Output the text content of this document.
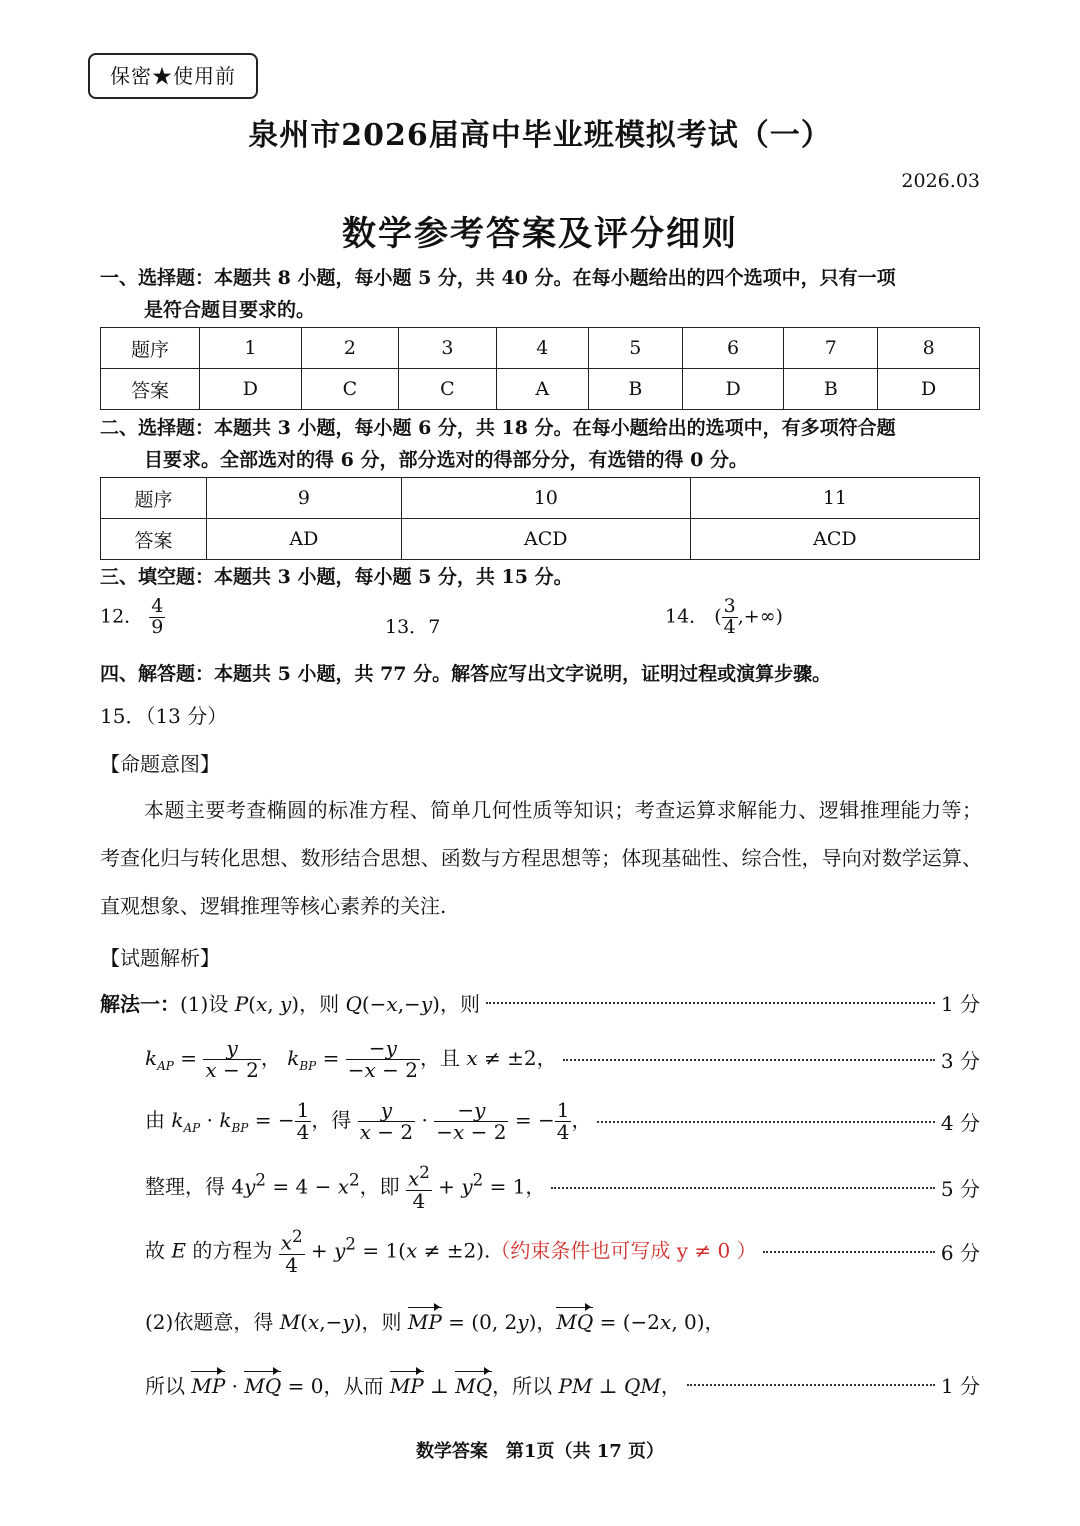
保密★使用前
泉州市2026届高中毕业班模拟考试（一）
2026.03
数学参考答案及评分细则
一、选择题：本题共 8 小题，每小题 5 分，共 40 分。在每小题给出的四个选项中，只有一项
是符合题目要求的。
题序	1	2	3	4	5	6	7	8
答案	D	C	C	A	B	D	B	D
二、选择题：本题共 3 小题，每小题 6 分，共 18 分。在每小题给出的选项中，有多项符合题
目要求。全部选对的得 6 分，部分选对的得部分分，有选错的得 0 分。
题序	9	10	11
答案	AD	ACD	ACD
三、填空题：本题共 3 小题，每小题 5 分，共 15 分。
12． $\frac{4}{9}$	13．7	14． ( $\frac{3}{4}$ ,+∞)
四、解答题：本题共 5 小题，共 77 分。解答应写出文字说明，证明过程或演算步骤。
15．（13 分）
【命题意图】
本题主要考查椭圆的标准方程、简单几何性质等知识；考查运算求解能力、逻辑推理能力等；考查化归与转化思想、数形结合思想、函数与方程思想等；体现基础性、综合性，导向对数学运算、直观想象、逻辑推理等核心素养的关注.
【试题解析】
解法一：(1)设 P(x, y)，则 Q(−x,−y)，则	1 分
$k_{AP} = \frac{y}{x - 2}$ ， $k_{BP} = \frac{-y}{-x - 2}$ ，且 x ≠ ±2，	3 分
由 $k_{AP} \cdot k_{BP}$ = − $\frac{1}{4}$ ，得 $\frac{y}{x - 2} \cdot \frac{-y}{-x - 2}$ = − $\frac{1}{4}$ ，	4 分
整理，得 $4y^2 = 4 - x^2$，即 $\frac{x^2}{4} + y^2 = 1$，	5 分
故 E 的方程为 $\frac{x^2}{4} + y^2 = 1(x \ne \pm 2)$.（约束条件也可写成 y ≠ 0 ）	6 分
(2)依题意，得 M(x,−y)，则 MP = (0, 2y)，MQ = (−2x, 0)，
所以 MP · MQ = 0，从而 MP ⊥ MQ，所以 PM ⊥ QM，	1 分
数学答案　第1页（共 17 页）
